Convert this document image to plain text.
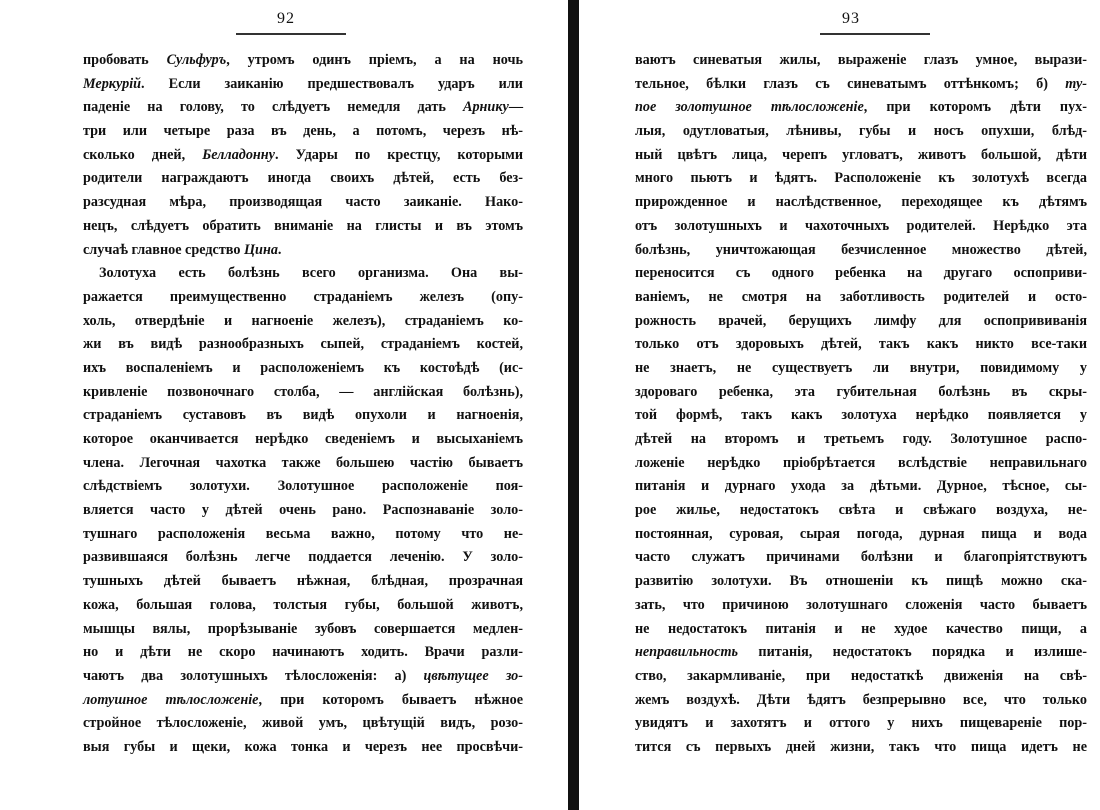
92
пробовать Сульфуръ, утромъ одинъ пріемъ, а на ночь
Меркурій. Если заиканію предшествовалъ ударъ или
паденіе на голову, то слѣдуетъ немедля дать Арнику—
три или четыре раза въ день, а потомъ, черезъ нѣ-
сколько дней, Белладонну. Удары по крестцу, которыми
родители награждаютъ иногда своихъ дѣтей, есть без-
разсудная мѣра, производящая часто заиканіе. Нако-
нецъ, слѣдуетъ обратить вниманіе на глисты и въ этомъ
случаѣ главное средство Цина.
Золотуха есть болѣзнь всего организма. Она вы-
ражается преимущественно страданіемъ железъ (опу-
холь, отвердѣніе и нагноеніе железъ), страданіемъ ко-
жи въ видѣ разнообразныхъ сыпей, страданіемъ костей,
ихъ воспаленіемъ и расположеніемъ къ костоѣдѣ (ис-
кривленіе позвоночнаго столба, — англійская болѣзнь),
страданіемъ суставовъ въ видѣ опухоли и нагноенія,
которое оканчивается нерѣдко сведеніемъ и высыханіемъ
члена. Легочная чахотка также большею частію бываетъ
слѣдствіемъ золотухи. Золотушное расположеніе поя-
вляется часто у дѣтей очень рано. Распознаваніе золо-
тушнаго расположенія весьма важно, потому что не-
развившаяся болѣзнь легче поддается леченію. У золо-
тушныхъ дѣтей бываетъ нѣжная, блѣдная, прозрачная
кожа, большая голова, толстыя губы, большой животъ,
мышцы вялы, прорѣзываніе зубовъ совершается медлен-
но и дѣти не скоро начинаютъ ходить. Врачи разли-
чаютъ два золотушныхъ тѣлосложенія: а) цвѣтущее зо-
лотушное тѣлосложеніе, при которомъ бываетъ нѣжное
стройное тѣлосложеніе, живой умъ, цвѣтущій видъ, розо-
выя губы и щеки, кожа тонка и черезъ нее просвѣчи-
93
ваютъ синеватыя жилы, выраженіе глазъ умное, вырази-
тельное, бѣлки глазъ съ синеватымъ оттѣнкомъ; б) ту-
пое золотушное тѣлосложеніе, при которомъ дѣти пух-
лыя, одутловатыя, лѣнивы, губы и носъ опухши, блѣд-
ный цвѣтъ лица, черепъ угловатъ, животъ большой, дѣти
много пьютъ и ѣдятъ. Расположеніе къ золотухѣ всегда
прирожденное и наслѣдственное, переходящее къ дѣтямъ
отъ золотушныхъ и чахоточныхъ родителей. Нерѣдко эта
болѣзнь, уничтожающая безчисленное множество дѣтей,
переносится съ одного ребенка на другаго оспоприви-
ваніемъ, не смотря на заботливость родителей и осто-
рожность врачей, берущихъ лимфу для оспопрививанія
только отъ здоровыхъ дѣтей, такъ какъ никто все-таки
не знаетъ, не существуетъ ли внутри, повидимому у
здороваго ребенка, эта губительная болѣзнь въ скры-
той формѣ, такъ какъ золотуха нерѣдко появляется у
дѣтей на второмъ и третьемъ году. Золотушное распо-
ложеніе нерѣдко пріобрѣтается вслѣдствіе неправильнаго
питанія и дурнаго ухода за дѣтьми. Дурное, тѣсное, сы-
рое жилье, недостатокъ свѣта и свѣжаго воздуха, не-
постоянная, суровая, сырая погода, дурная пища и вода
часто служатъ причинами болѣзни и благопріятствуютъ
развитію золотухи. Въ отношеніи къ пищѣ можно ска-
зать, что причиною золотушнаго сложенія часто бываетъ
не недостатокъ питанія и не худое качество пищи, а
неправильность питанія, недостатокъ порядка и излише-
ство, закармливаніе, при недостаткѣ движенія на свѣ-
жемъ воздухѣ. Дѣти ѣдятъ безпрерывно все, что только
увидятъ и захотятъ и оттого у нихъ пищевареніе пор-
тится съ первыхъ дней жизни, такъ что пища идетъ не
